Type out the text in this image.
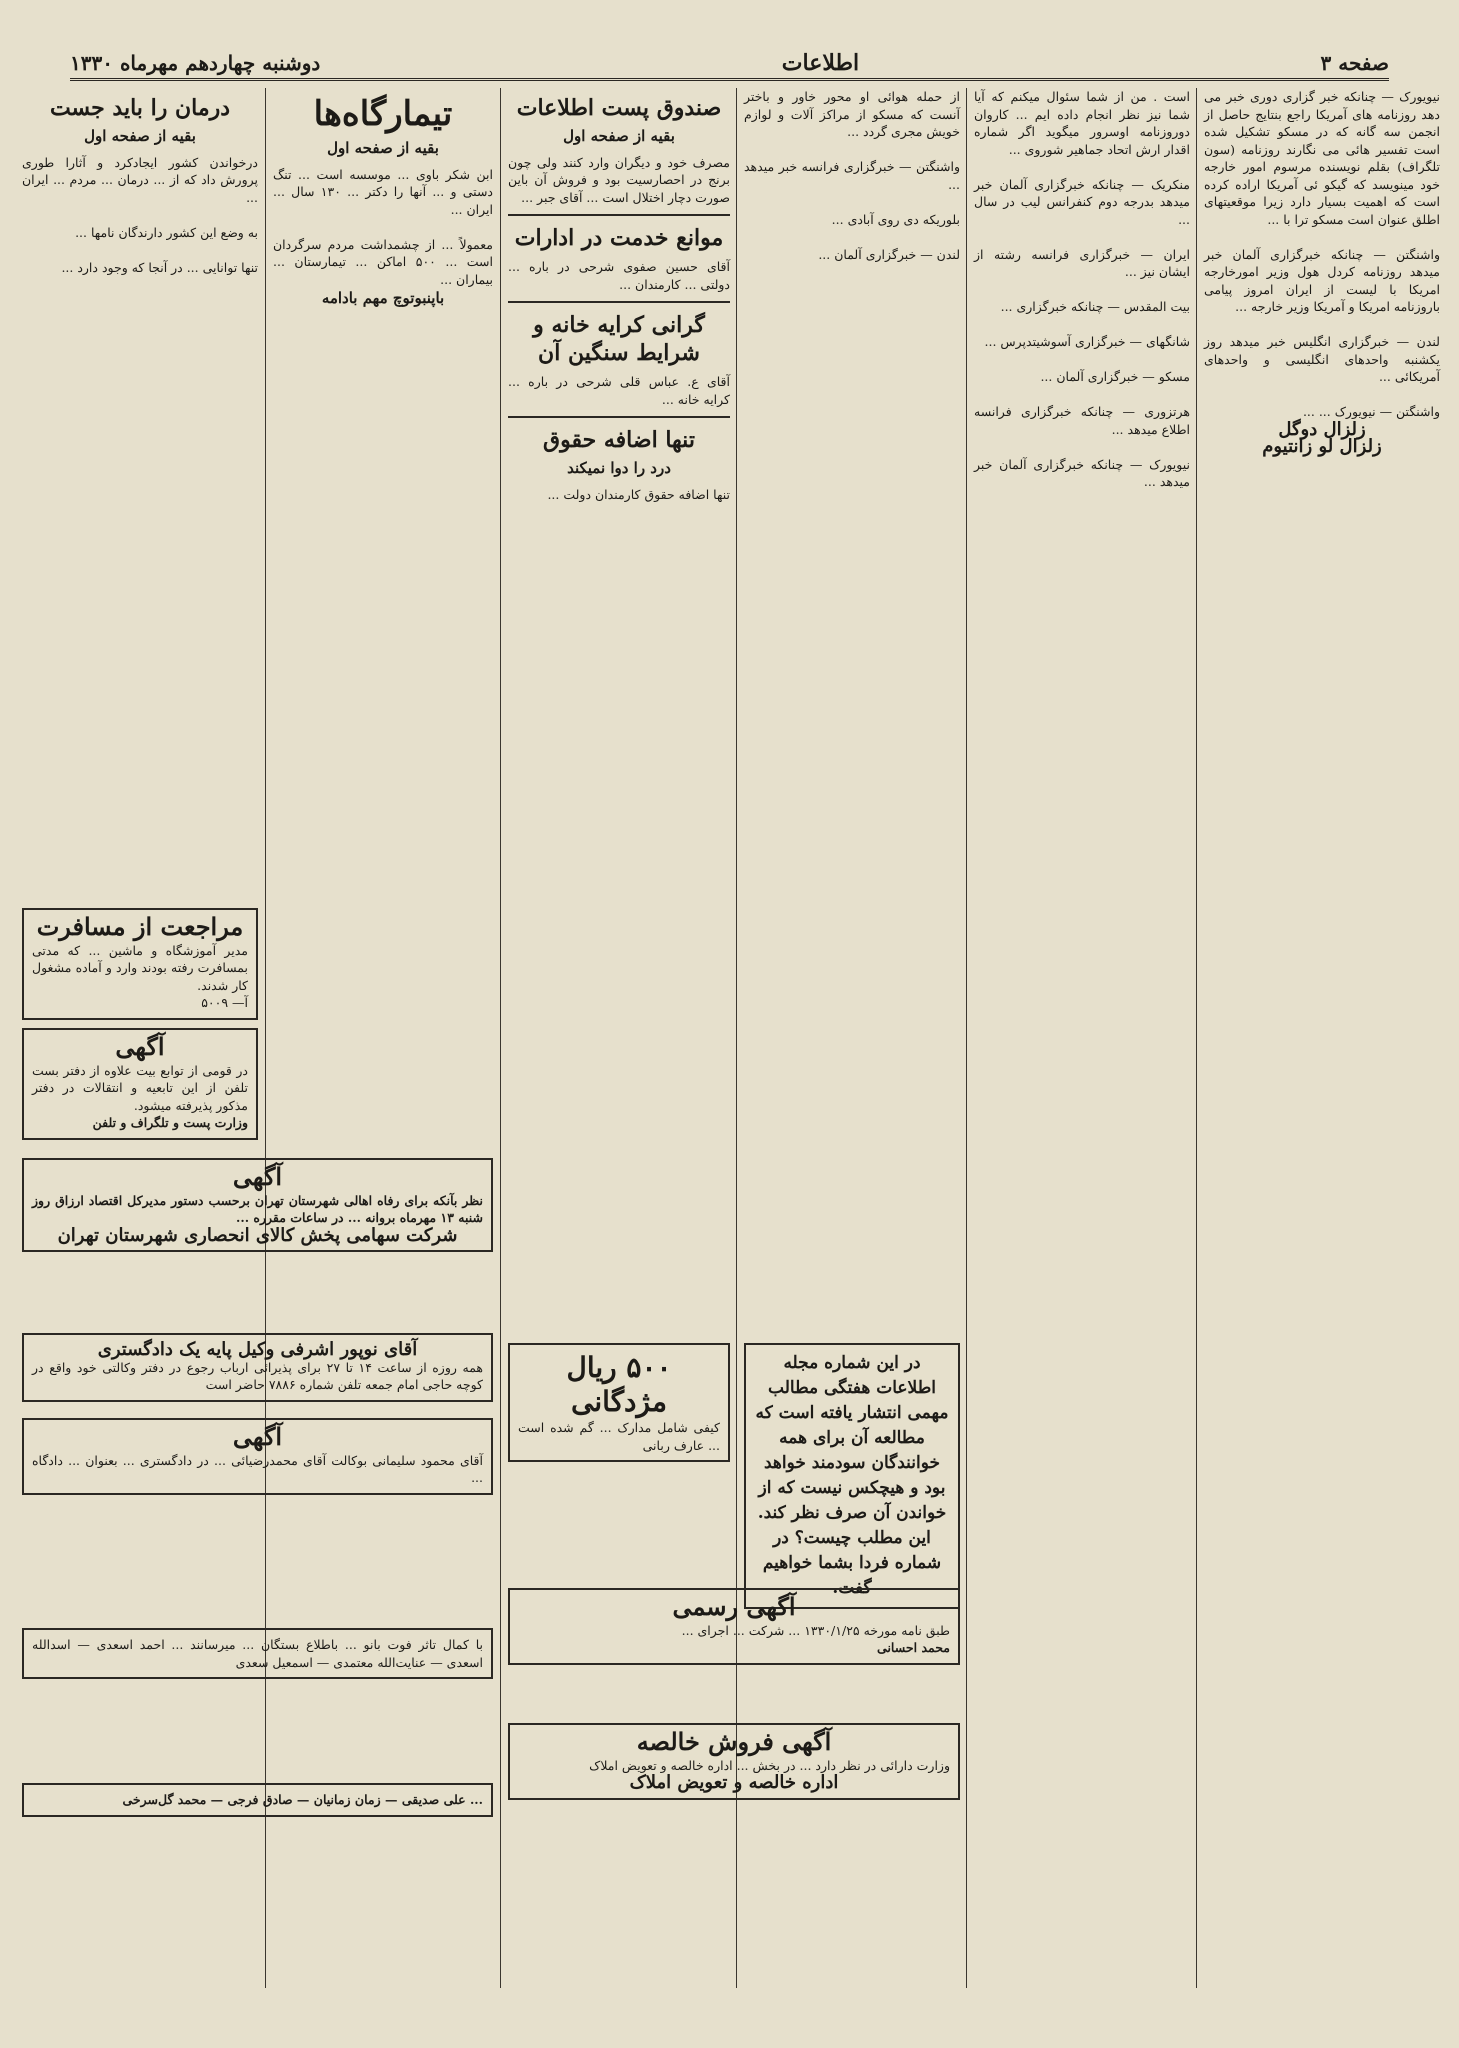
صفحه ۳
اطلاعات
دوشنبه چهاردهم مهرماه ۱۳۳۰
نیویورک — چنانکه خبر گزاری دوری خبر می دهد روزنامه های آمریکا راجع بنتایج حاصل از انجمن سه گانه که در مسکو تشکیل شده است تفسیر هائی می نگارند روزنامه (سون تلگراف) بقلم نویسنده مرسوم امور خارجه خود مینویسد که گیکو ئی آمریکا اراده کرده است که اهمیت بسیار دارد زیرا موقعیتهای اطلق عنوان است مسکو ترا با ...

واشنگتن — چنانکه خبرگزاری آلمان خبر میدهد روزنامه کردل هول وزیر امورخارجه امریکا با لیست از ایران امروز پیامی باروزنامه امریکا و آمریکا وزیر خارجه ...

لندن — خبرگزاری انگلیس خبر میدهد روز یکشنبه واحدهای انگلیسی و واحدهای آمریکائی ...

واشنگتن — نیویورک ... ...
زلزال دوگل
زلزال لو زانتیوم
است . من از شما سئوال میکنم که آیا شما نیز نظر انجام داده ایم ... کاروان دوروزنامه اوسرور میگوید اگر شماره اقدار ارش اتحاد جماهیر شوروی ...

منکریک — چنانکه خبرگزاری آلمان خبر میدهد بدرجه دوم کنفرانس لیب در سال ...

ایران — خبرگزاری فرانسه رشته از ایشان نیز ...

بیت المقدس — چنانکه خبرگزاری ...

شانگهای — خبرگزاری آسوشیتدپرس ...

مسکو — خبرگزاری آلمان ...

هرتزوری — چنانکه خبرگزاری فرانسه اطلاع میدهد ...

نیویورک — چنانکه خبرگزاری آلمان خبر میدهد ...
از حمله هوائی او محور خاور و باختر آنست که مسکو از مراکز آلات و لوازم خویش مجری گردد ...

واشنگتن — خبرگزاری فرانسه خبر میدهد ...

بلوریکه دی روی آبادی ...

لندن — خبرگزاری آلمان ...
در این شماره مجله اطلاعات هفتگی مطالب مهمی انتشار یافته است که مطالعه آن برای همه خوانندگان سودمند خواهد بود و هیچکس نیست که از خواندن آن صرف نظر کند. این مطلب چیست؟ در شماره فردا بشما خواهیم گفت.
صندوق پست اطلاعات
بقیه از صفحه اول
مصرف خود و دیگران وارد کنند ولی چون برنج در احصارسیت بود و فروش آن باین صورت دچار اختلال است ... آقای جبر ...
موانع خدمت در ادارات
آقای حسین صفوی شرحی در باره ... دولتی ... کارمندان ...
گرانی کرایه خانه و شرایط سنگین آن
آقای ع. عباس قلی شرحی در باره ... کرایه خانه ...
تنها اضافه حقوق
درد را دوا نمیکند
تنها اضافه حقوق کارمندان دولت ...
۵۰۰ ریال مژدگانی
کیفی شامل مدارک ... گم شده است ... عارف ربانی
تیمارگاه‌ها
بقیه از صفحه اول
ابن شکر باوی ... موسسه است ... تنگ دستی و ... آنها را دکتر ... ۱۳۰ سال ... ایران ...

معمولاً ... از چشمداشت مردم سرگردان است ... ۵۰۰ اماکن ... تیمارستان ... بیماران ...
باپنبوتوچ مهم بادامه
درمان را باید جست
بقیه از صفحه اول
درخواندن کشور ایجادکرد و آثارا طوری پرورش داد که از ... درمان ... مردم ... ایران ...

به وضع این کشور دارندگان نامها ...

تنها توانایی ... در آنجا که وجود دارد ...
مراجعت از مسافرت
مدیر آموزشگاه و ماشین ... که مدتی بمسافرت رفته بودند وارد و آماده مشغول کار شدند.
آ— ۵۰۰۹
آگهی
در قومی از توابع بیت علاوه از دفتر بست تلفن از این تابعیه و انتقالات در دفتر مذکور پذیرفته میشود.
وزارت پست و تلگراف و تلفن
آگهی
نظر بآنکه برای رفاه اهالی شهرستان تهران برحسب دستور مدیرکل اقتصاد ارزاق روز شنبه ۱۳ مهرماه بروانه ... در ساعات مقرره ...
شرکت سهامی پخش کالای انحصاری شهرستان تهران
آقای نوپور اشرفی وکیل پایه یک دادگستری
همه روزه از ساعت ۱۴ تا ۲۷ برای پذیرائی ارباب رجوع در دفتر وکالتی خود واقع در کوچه حاجی امام جمعه تلفن شماره ۷۸۸۶ حاضر است
آگهی
آقای محمود سلیمانی بوکالت آقای محمدرضیائی ... در دادگستری ... بعنوان ... دادگاه ...
با کمال تاثر فوت بانو ... باطلاع بستگان ... میرسانند ... احمد اسعدی — اسدالله اسعدی — عنایت‌الله معتمدی — اسمعیل سعدی
... علی صدیقی — زمان زمانیان — صادق فرجی — محمد گل‌سرخی
آگهی رسمی
طبق نامه مورخه ۱۳۳۰/۱/۲۵ ... شرکت ... اجرای ...
محمد احسانی
آگهی فروش خالصه
وزارت دارائی در نظر دارد ... در بخش ... اداره خالصه و تعویض املاک
اداره خالصه و تعویض املاک
